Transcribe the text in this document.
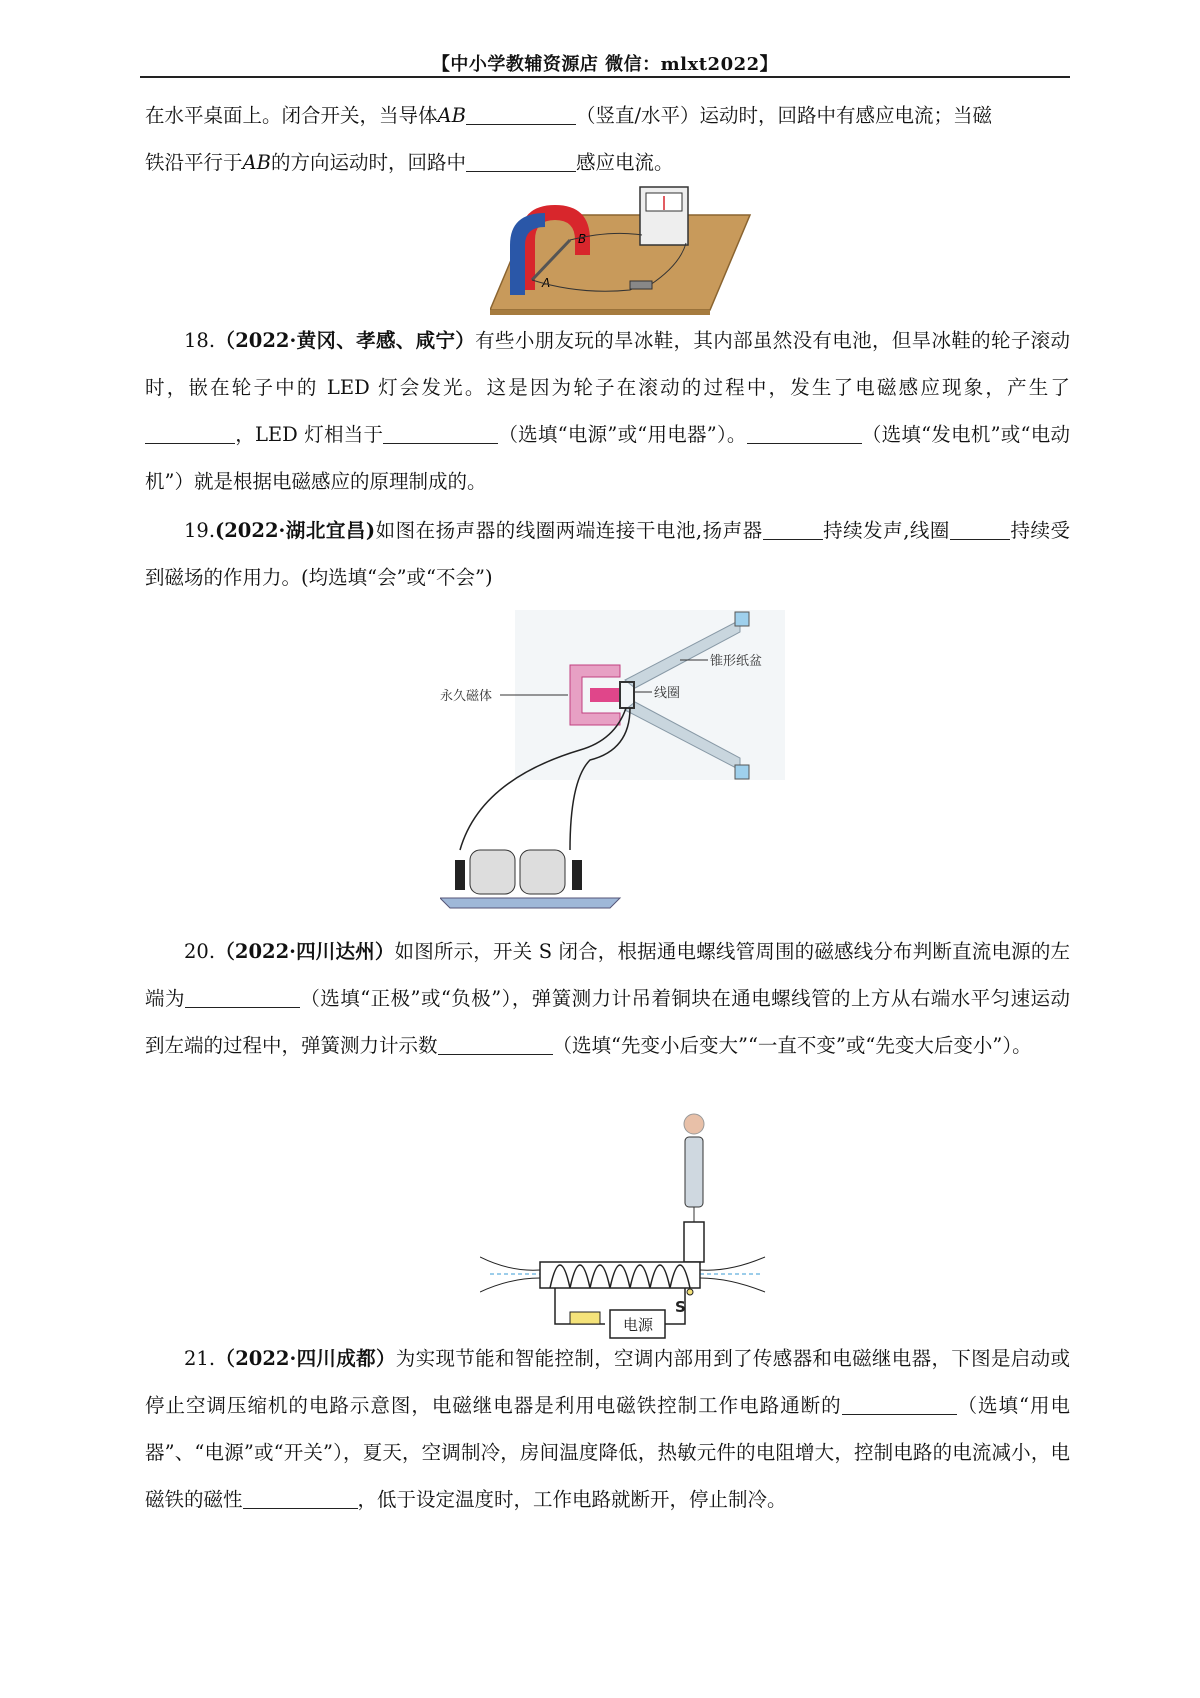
【中小学教辅资源店 微信：mlxt2022】
在水平桌面上。闭合开关，当导体AB	（竖直/水平）运动时，回路中有感应电流；当磁
铁沿平行于AB的方向运动时，回路中	感应电流。
A
B
18.（2022·黄冈、孝感、咸宁）有些小朋友玩的旱冰鞋，其内部虽然没有电池，但旱冰鞋的轮子滚动时，嵌在轮子中的 LED 灯会发光。这是因为轮子在滚动的过程中，发生了电磁感应现象，产生了，LED 灯相当于	（选填“电源”或“用电器”）。	（选填“发电机”或“电动机”）就是根据电磁感应的原理制成的。
19.(2022·湖北宜昌)如图在扬声器的线圈两端连接干电池,扬声器	持续发声,线圈	持续受到磁场的作用力。(均选填“会”或“不会”)
永久磁体
锥形纸盆
线圈
20.（2022·四川达州）如图所示，开关 S 闭合，根据通电螺线管周围的磁感线分布判断直流电源的左端为	（选填“正极”或“负极”），弹簧测力计吊着铜块在通电螺线管的上方从右端水平匀速运动到左端的过程中，弹簧测力计示数	（选填“先变小后变大”“一直不变”或“先变大后变小”）。
电源
S
21.（2022·四川成都）为实现节能和智能控制，空调内部用到了传感器和电磁继电器，下图是启动或停止空调压缩机的电路示意图，电磁继电器是利用电磁铁控制工作电路通断的	（选填“用电器”、“电源”或“开关”），夏天，空调制冷，房间温度降低，热敏元件的电阻增大，控制电路的电流减小，电磁铁的磁性	，低于设定温度时，工作电路就断开，停止制冷。
